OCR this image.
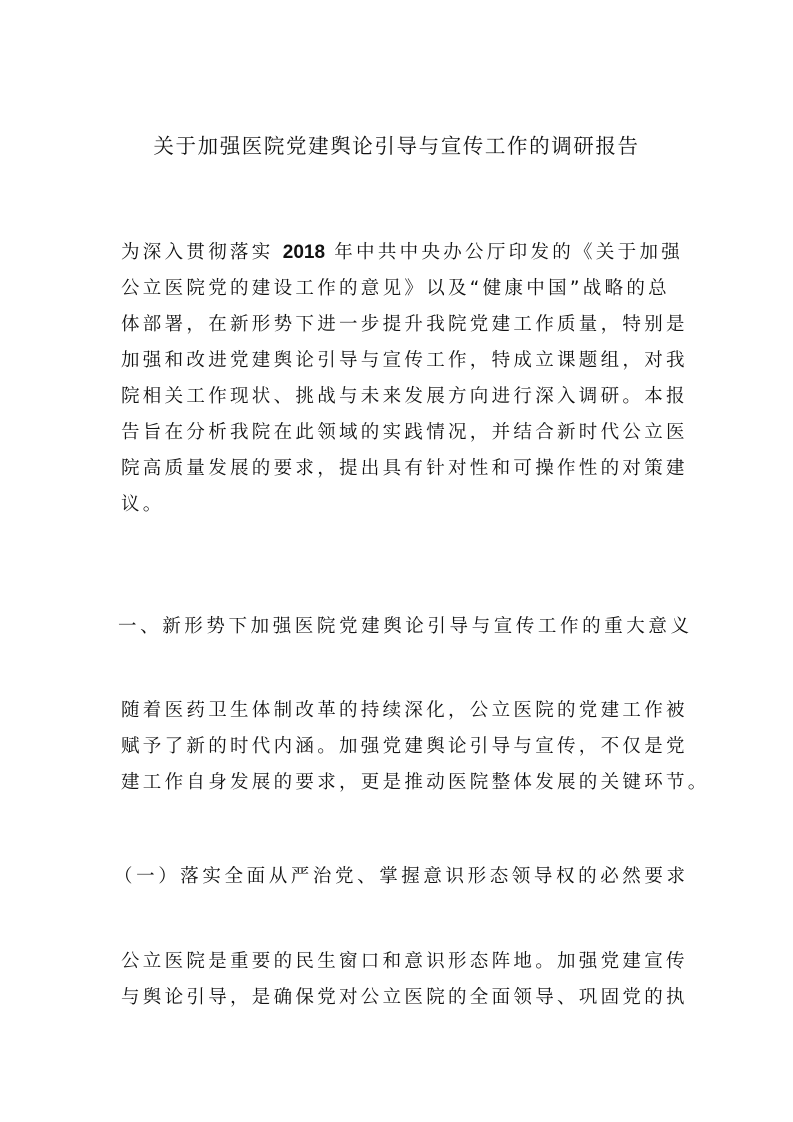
关于加强医院党建舆论引导与宣传工作的调研报告
为深入贯彻落实 2018 年中共中央办公厅印发的《关于加强
公立医院党的建设工作的意见》以及“健康中国”战略的总
体部署，在新形势下进一步提升我院党建工作质量，特别是
加强和改进党建舆论引导与宣传工作，特成立课题组，对我
院相关工作现状、挑战与未来发展方向进行深入调研。本报
告旨在分析我院在此领域的实践情况，并结合新时代公立医
院高质量发展的要求，提出具有针对性和可操作性的对策建
议。
一、新形势下加强医院党建舆论引导与宣传工作的重大意义
随着医药卫生体制改革的持续深化，公立医院的党建工作被
赋予了新的时代内涵。加强党建舆论引导与宣传，不仅是党
建工作自身发展的要求，更是推动医院整体发展的关键环节。
（一）落实全面从严治党、掌握意识形态领导权的必然要求
公立医院是重要的民生窗口和意识形态阵地。加强党建宣传
与舆论引导，是确保党对公立医院的全面领导、巩固党的执
